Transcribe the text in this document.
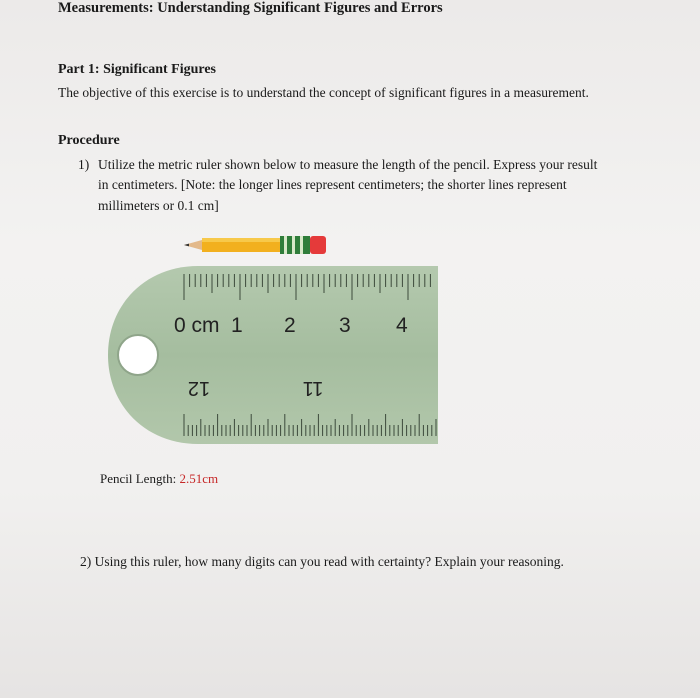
Measurements: Understanding Significant Figures and Errors
Part 1: Significant Figures
The objective of this exercise is to understand the concept of significant figures in a measurement.
Procedure
1) Utilize the metric ruler shown below to measure the length of the pencil. Express your result
in centimeters. [Note: the longer lines represent centimeters; the shorter lines represent
millimeters or 0.1 cm]
0 cm 1 2 3 4
12	11
Pencil Length: 2.51cm
2) Using this ruler, how many digits can you read with certainty? Explain your reasoning.
